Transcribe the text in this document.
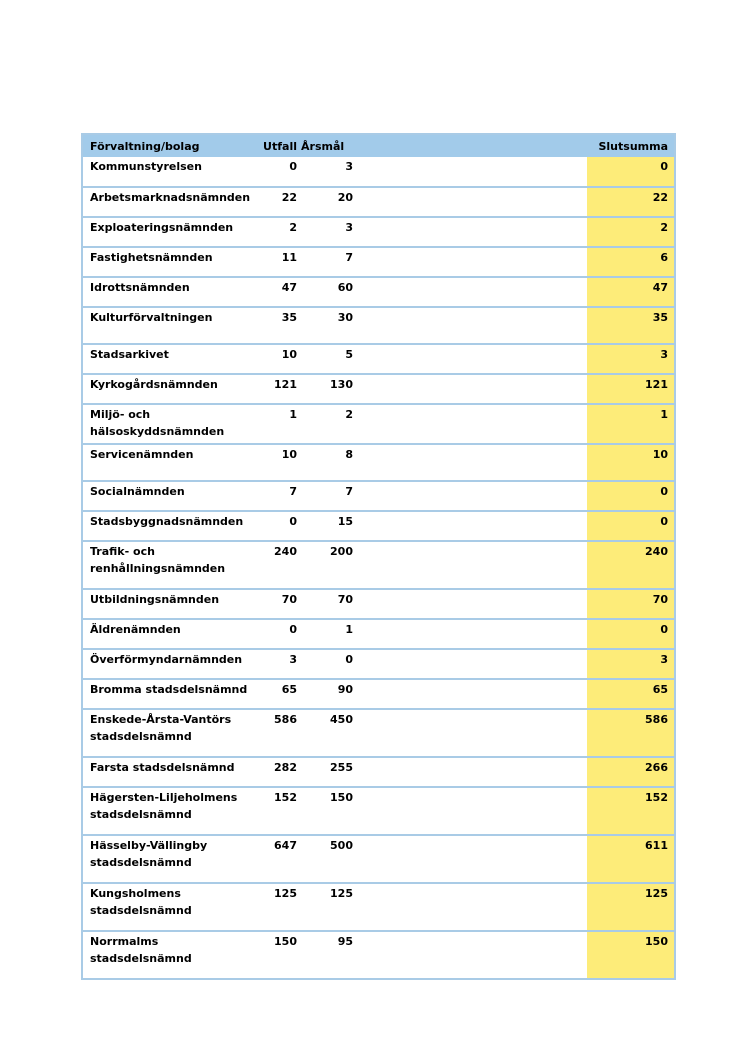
Förvaltning/bolag	Utfall	Årsmål		Slutsumma
Kommunstyrelsen	0	3		0
Arbetsmarknadsnämnden	22	20		22
Exploateringsnämnden	2	3		2
Fastighetsnämnden	11	7		6
Idrottsnämnden	47	60		47
Kulturförvaltningen	35	30		35
Stadsarkivet	10	5		3
Kyrkogårdsnämnden	121	130		121
Miljö- och hälsoskyddsnämnden	1	2		1
Servicenämnden	10	8		10
Socialnämnden	7	7		0
Stadsbyggnadsnämnden	0	15		0
Trafik- och renhållningsnämnden	240	200		240
Utbildningsnämnden	70	70		70
Äldrenämnden	0	1		0
Överförmyndarnämnden	3	0		3
Bromma stadsdelsnämnd	65	90		65
Enskede-Årsta-Vantörs stadsdelsnämnd	586	450		586
Farsta stadsdelsnämnd	282	255		266
Hägersten-Liljeholmens stadsdelsnämnd	152	150		152
Hässelby-Vällingby stadsdelsnämnd	647	500		611
Kungsholmens stadsdelsnämnd	125	125		125
Norrmalms stadsdelsnämnd	150	95		150
